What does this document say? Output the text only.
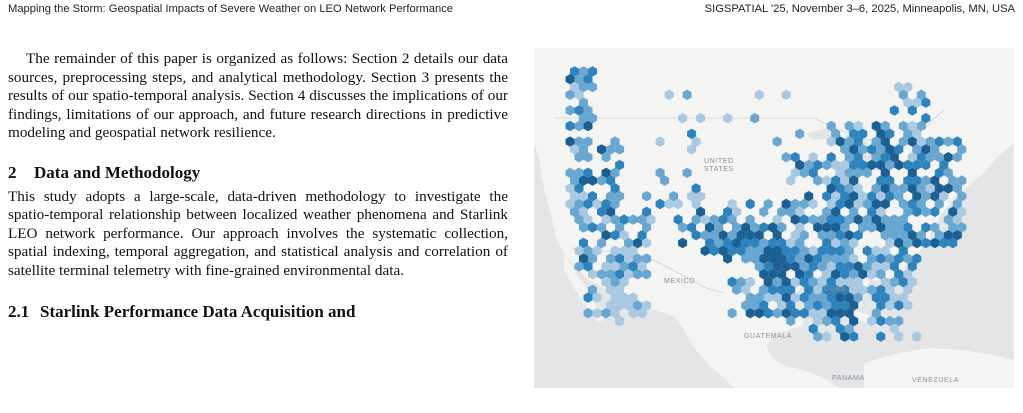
Mapping the Storm: Geospatial Impacts of Severe Weather on LEO Network Performance	SIGSPATIAL '25, November 3–6, 2025, Minneapolis, MN, USA

The remainder of this paper is organized as follows: Section 2 details our data sources, preprocessing steps, and analytical methodology. Section 3 presents the results of our spatio-temporal analysis. Section 4 discusses the implications of our findings, limitations of our approach, and future research directions in predictive modeling and geospatial network resilience.

2 Data and Methodology

This study adopts a large-scale, data-driven methodology to investigate the spatio-temporal relationship between localized weather phenomena and Starlink LEO network performance. Our approach involves the systematic collection, spatial indexing, temporal aggregation, and statistical analysis and correlation of satellite terminal telemetry with fine-grained environmental data.

2.1 Starlink Performance Data Acquisition and
UNITED STATES
MEXICO
CUBA
GUATEMALA
PANAMA	VENEZUELA
